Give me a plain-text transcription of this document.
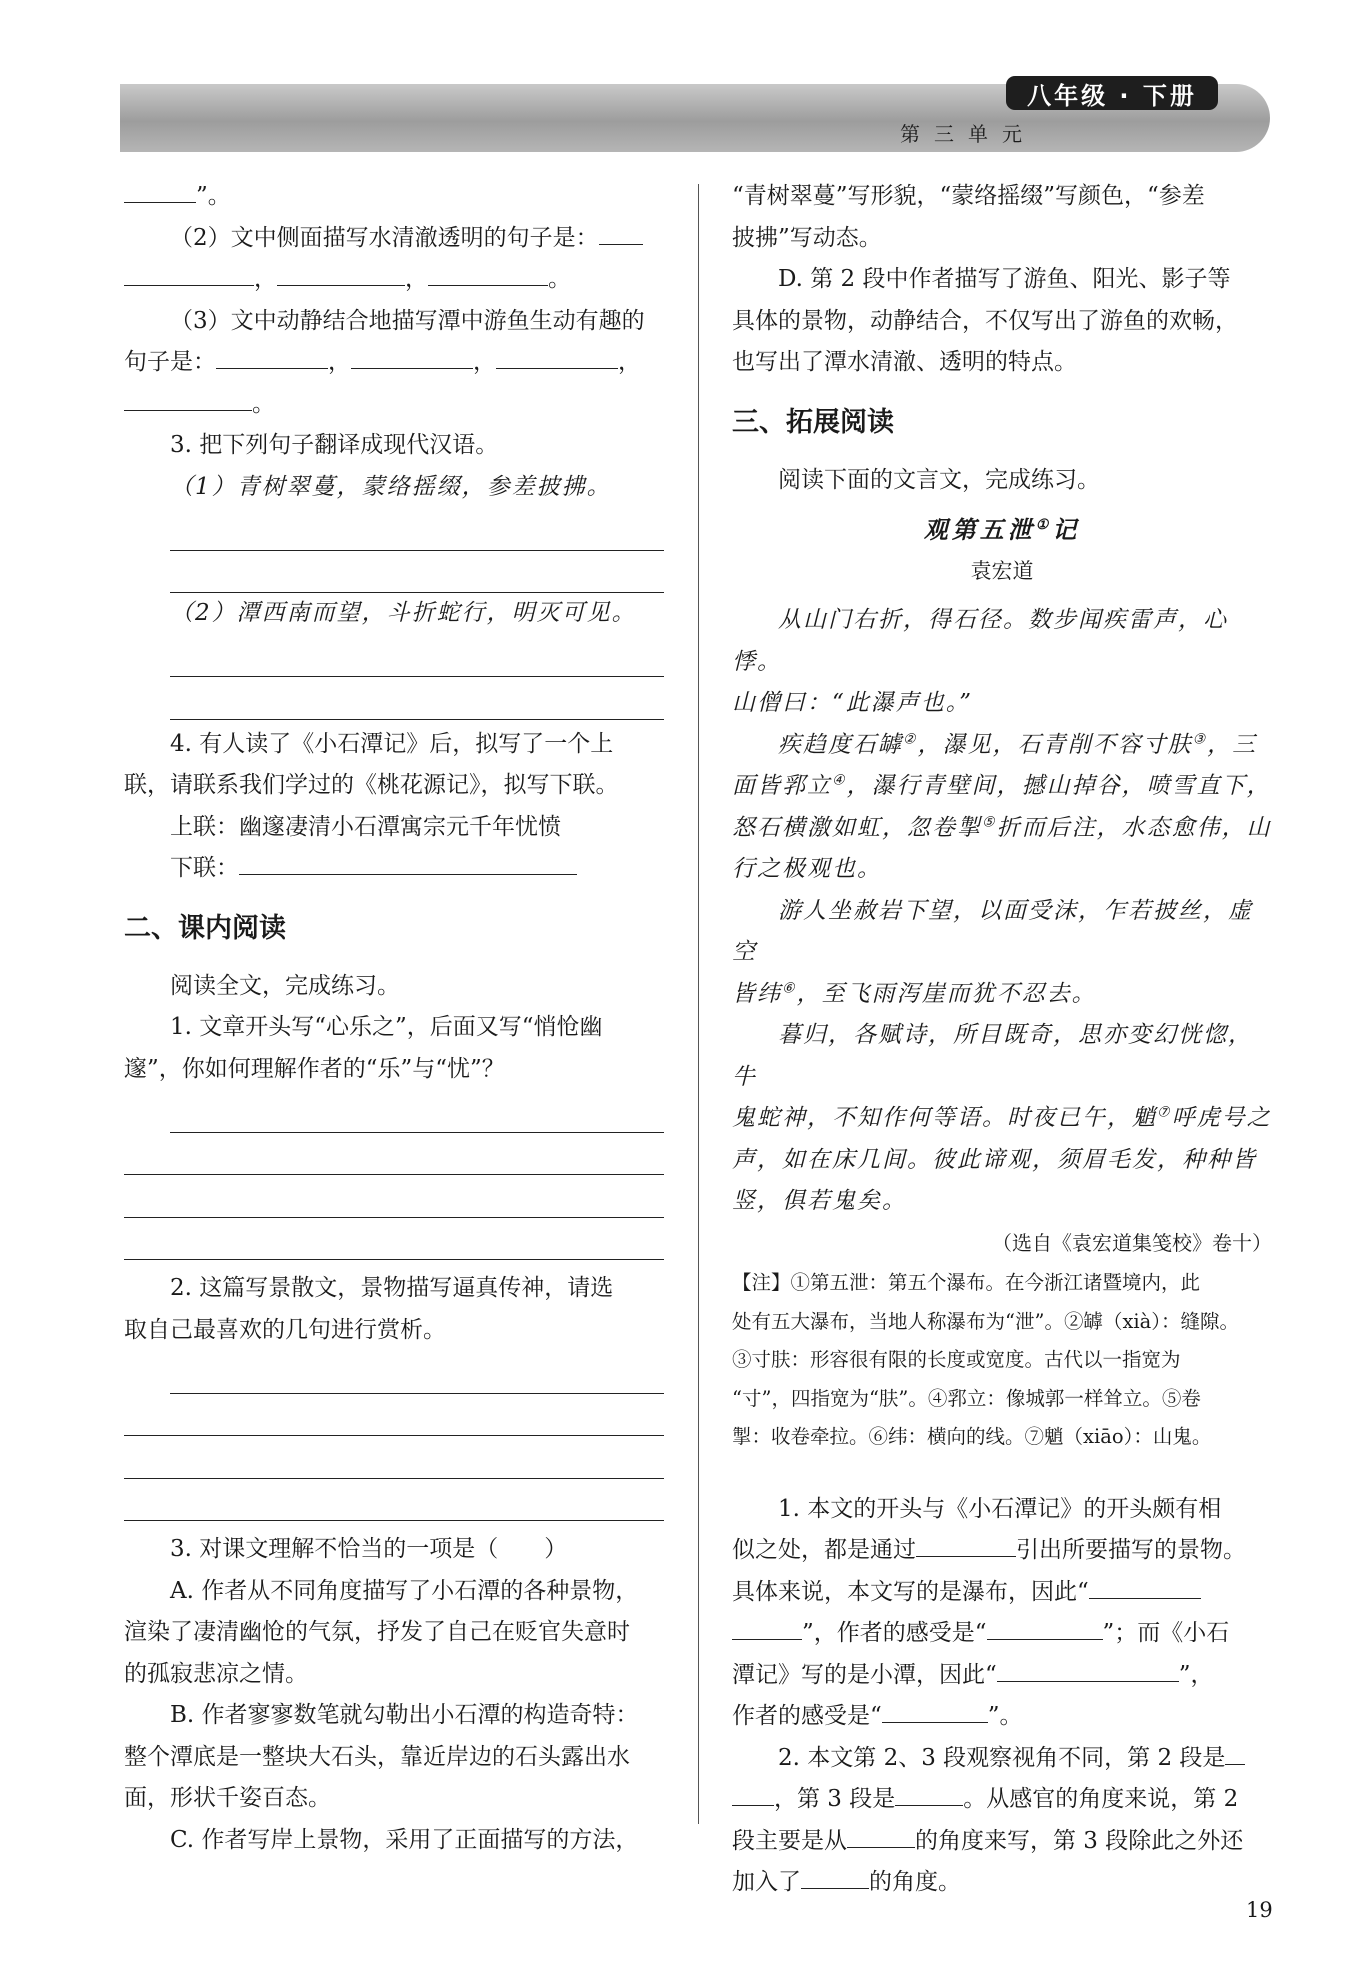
八年级 · 下册
第三单元

”。

（2）文中侧面描写水清澈透明的句子是：

，	，	。

（3）文中动静结合地描写潭中游鱼生动有趣的

句子是：	，	，	，

。

3. 把下列句子翻译成现代汉语。

（1）青树翠蔓，蒙络摇缀，参差披拂。

（2）潭西南而望，斗折蛇行，明灭可见。

4. 有人读了《小石潭记》后，拟写了一个上

联，请联系我们学过的《桃花源记》，拟写下联。

上联：幽邃凄清小石潭寓宗元千年忧愤

下联：

二、课内阅读

阅读全文，完成练习。

1. 文章开头写“心乐之”，后面又写“悄怆幽

邃”，你如何理解作者的“乐”与“忧”？

2. 这篇写景散文，景物描写逼真传神，请选

取自己最喜欢的几句进行赏析。

3. 对课文理解不恰当的一项是（　　）

A. 作者从不同角度描写了小石潭的各种景物，

渲染了凄清幽怆的气氛，抒发了自己在贬官失意时

的孤寂悲凉之情。

B. 作者寥寥数笔就勾勒出小石潭的构造奇特：

整个潭底是一整块大石头，靠近岸边的石头露出水

面，形状千姿百态。

C. 作者写岸上景物，采用了正面描写的方法，

“青树翠蔓”写形貌，“蒙络摇缀”写颜色，“参差

披拂”写动态。

D. 第 2 段中作者描写了游鱼、阳光、影子等

具体的景物，动静结合，不仅写出了游鱼的欢畅，

也写出了潭水清澈、透明的特点。

三、拓展阅读

阅读下面的文言文，完成练习。

观第五泄①记
袁宏道

从山门右折，得石径。数步闻疾雷声，心悸。

山僧曰：“此瀑声也。”

疾趋度石罅②，瀑见，石青削不容寸肤③，三

面皆郛立④，瀑行青壁间，撼山掉谷，喷雪直下，

怒石横激如虹，忽卷掣⑤折而后注，水态愈伟，山

行之极观也。

游人坐赦岩下望，以面受沫，乍若披丝，虚空

皆纬⑥，至飞雨泻崖而犹不忍去。

暮归，各赋诗，所目既奇，思亦变幻恍惚，牛

鬼蛇神，不知作何等语。时夜已午，魈⑦呼虎号之

声，如在床几间。彼此谛观，须眉毛发，种种皆

竖，俱若鬼矣。

（选自《袁宏道集笺校》卷十）

【注】①第五泄：第五个瀑布。在今浙江诸暨境内，此

处有五大瀑布，当地人称瀑布为“泄”。②罅（xià）：缝隙。

③寸肤：形容很有限的长度或宽度。古代以一指宽为

“寸”，四指宽为“肤”。④郛立：像城郭一样耸立。⑤卷

掣：收卷牵拉。⑥纬：横向的线。⑦魈（xiāo）：山鬼。

1. 本文的开头与《小石潭记》的开头颇有相

似之处，都是通过	引出所要描写的景物。

具体来说，本文写的是瀑布，因此“

”，作者的感受是“	”；而《小石

潭记》写的是小潭，因此“	”，

作者的感受是“	”。

2. 本文第 2、3 段观察视角不同，第 2 段是

，第 3 段是	。从感官的角度来说，第 2

段主要是从	的角度来写，第 3 段除此之外还

加入了	的角度。

19
